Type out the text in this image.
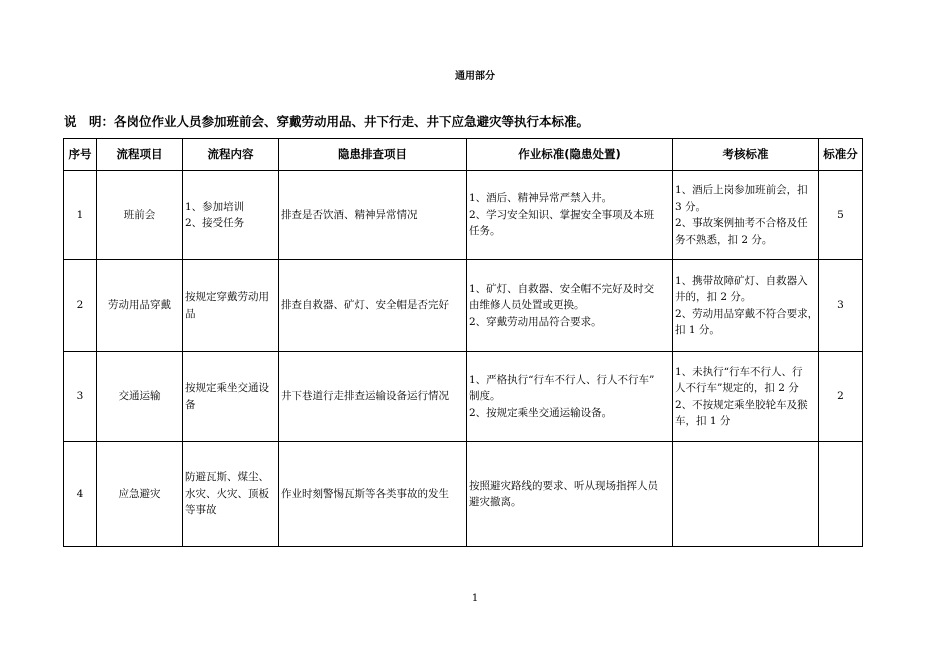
通用部分
说　明：各岗位作业人员参加班前会、穿戴劳动用品、井下行走、井下应急避灾等执行本标准。
序号	流程项目	流程内容	隐患排查项目	作业标准(隐患处置)	考核标准	标准分
1	班前会	1、参加培训
2、接受任务	排查是否饮酒、精神异常情况	1、酒后、精神异常严禁入井。
2、学习安全知识、掌握安全事项及本班
任务。	1、酒后上岗参加班前会，扣
3 分。
2、事故案例抽考不合格及任
务不熟悉，扣 2 分。	5
2	劳动用品穿戴	按规定穿戴劳动用
品	排查自救器、矿灯、安全帽是否完好	1、矿灯、自救器、安全帽不完好及时交
由维修人员处置或更换。
2、穿戴劳动用品符合要求。	1、携带故障矿灯、自救器入
井的，扣 2 分。
2、劳动用品穿戴不符合要求，
扣 1 分。	3
3	交通运输	按规定乘坐交通设
备	井下巷道行走排查运输设备运行情况	1、严格执行“行车不行人、行人不行车”
制度。
2、按规定乘坐交通运输设备。	1、未执行“行车不行人、行
人不行车”规定的，扣 2 分
2、不按规定乘坐胶轮车及猴
车，扣 1 分	2
4	应急避灾	防避瓦斯、煤尘、
水灾、火灾、顶板
等事故	作业时刻警惕瓦斯等各类事故的发生	按照避灾路线的要求、听从现场指挥人员
避灾撤离。		

1
